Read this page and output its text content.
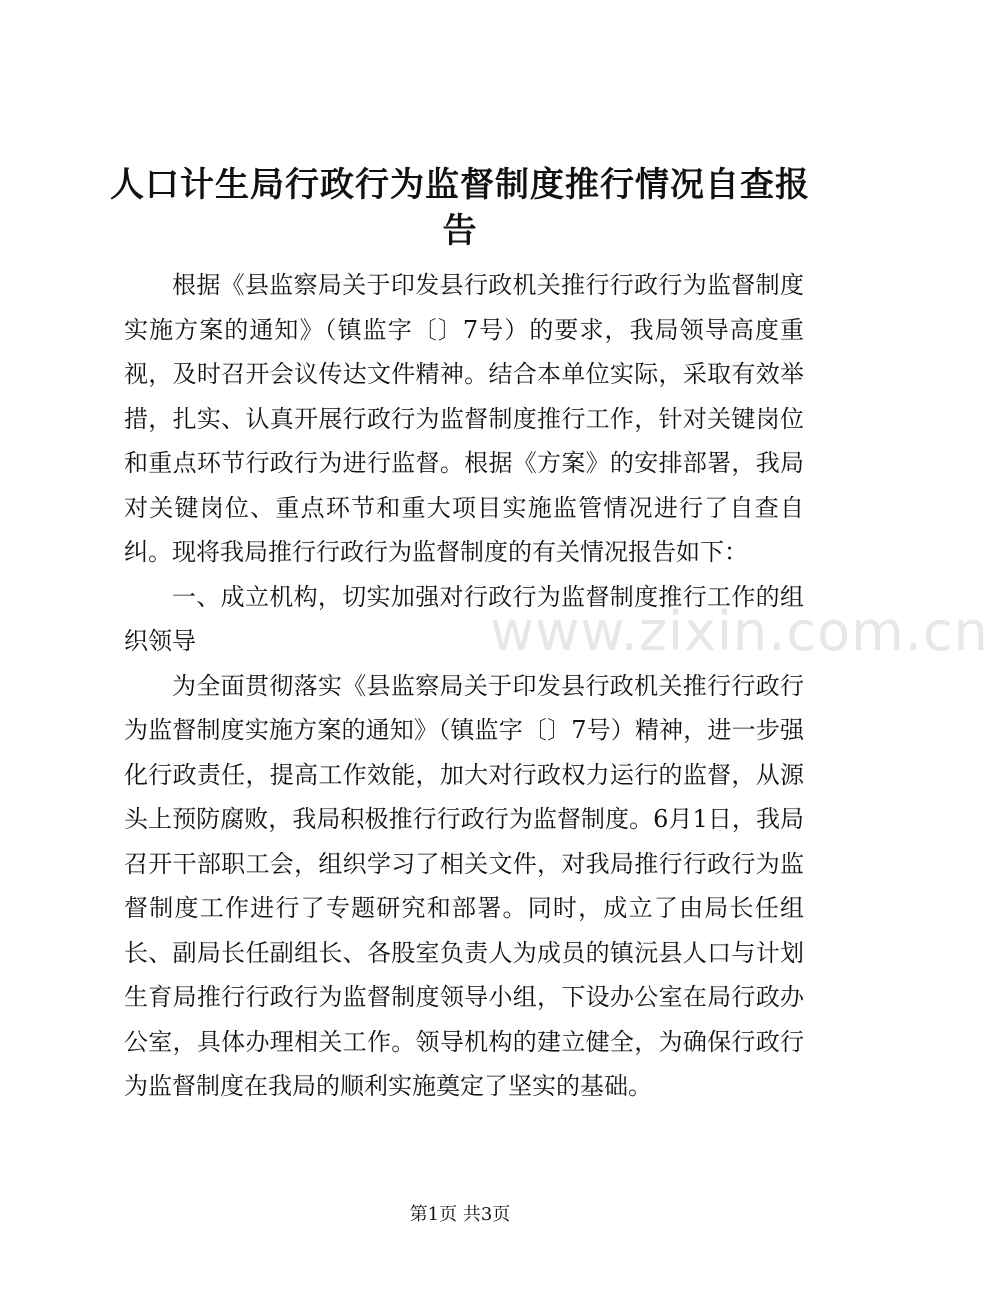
人口计生局行政行为监督制度推行情况自查报告

根据《县监察局关于印发县行政机关推行行政行为监督制度实施方案的通知》（镇监字〔〕7号）的要求，我局领导高度重视，及时召开会议传达文件精神。结合本单位实际，采取有效举措，扎实、认真开展行政行为监督制度推行工作，针对关键岗位和重点环节行政行为进行监督。根据《方案》的安排部署，我局对关键岗位、重点环节和重大项目实施监管情况进行了自查自纠。现将我局推行行政行为监督制度的有关情况报告如下：

一、成立机构，切实加强对行政行为监督制度推行工作的组织领导

为全面贯彻落实《县监察局关于印发县行政机关推行行政行为监督制度实施方案的通知》（镇监字〔〕7号）精神，进一步强化行政责任，提高工作效能，加大对行政权力运行的监督，从源头上预防腐败，我局积极推行行政行为监督制度。6月1日，我局召开干部职工会，组织学习了相关文件，对我局推行行政行为监督制度工作进行了专题研究和部署。同时，成立了由局长任组长、副局长任副组长、各股室负责人为成员的镇沅县人口与计划生育局推行行政行为监督制度领导小组，下设办公室在局行政办公室，具体办理相关工作。领导机构的建立健全，为确保行政行为监督制度在我局的顺利实施奠定了坚实的基础。

www.zixin.com.cn
第1页 共3页
